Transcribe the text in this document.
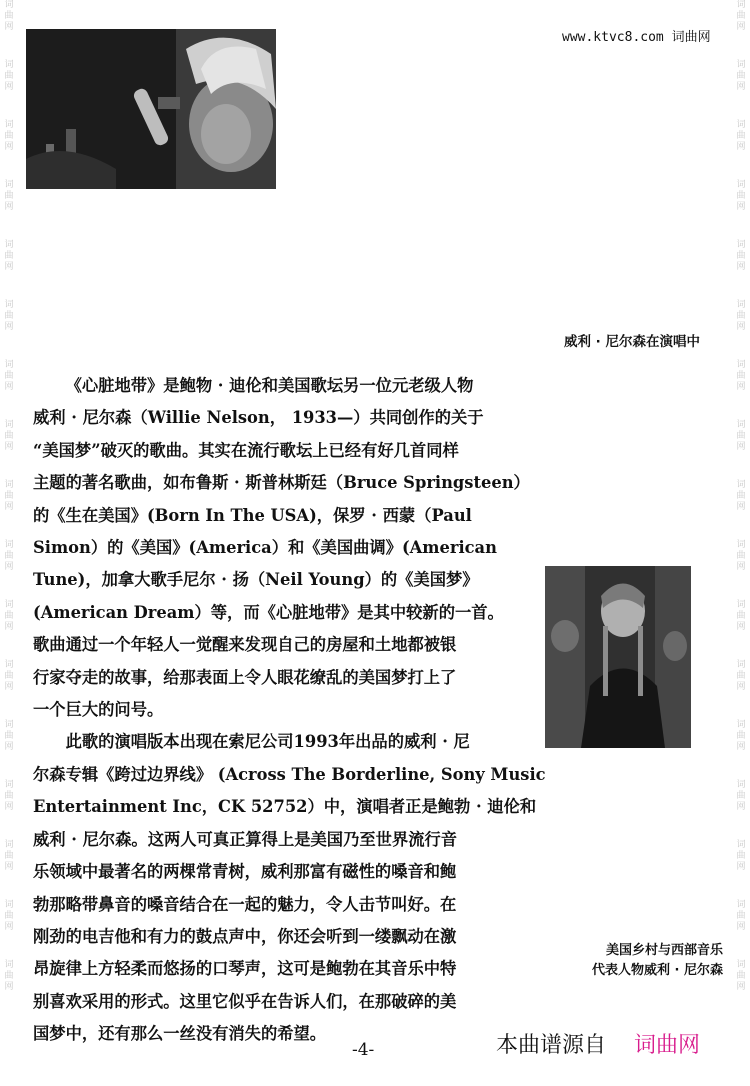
词
曲
网
词
曲
网
词
曲
网
词
曲
网
词
曲
网
词
曲
网
词
曲
网
词
曲
网
词
曲
网
词
曲
网
词
曲
网
词
曲
网
词
曲
网
词
曲
网
词
曲
网
词
曲
网
词
曲
网
词
曲
网
词
曲
网
词
曲
网
词
曲
网
词
曲
网
词
曲
网
词
曲
网
词
曲
网
词
曲
网
词
曲
网
词
曲
网
词
曲
网
词
曲
网
词
曲
网
词
曲
网
词
曲
网
词
曲
网
www.ktvc8.com 词曲网
威利 · 尼尔森在演唱中
《心脏地带》是鲍物 · 迪伦和美国歌坛另一位元老级人物
威利 · 尼尔森（Willie Nelson， 1933—）共同创作的关于
“美国梦”破灭的歌曲。其实在流行歌坛上已经有好几首同样
主题的著名歌曲，如布鲁斯 · 斯普林斯廷（Bruce Springsteen）
的《生在美国》(Born In The USA)，保罗 · 西蒙（Paul
Simon）的《美国》(America）和《美国曲调》(American
Tune)，加拿大歌手尼尔 · 扬（Neil Young）的《美国梦》
(American Dream）等，而《心脏地带》是其中较新的一首。
歌曲通过一个年轻人一觉醒来发现自己的房屋和土地都被银
行家夺走的故事，给那表面上令人眼花缭乱的美国梦打上了
一个巨大的问号。
此歌的演唱版本出现在索尼公司1993年出品的威利 · 尼
尔森专辑《跨过边界线》 (Across The Borderline, Sony Music
Entertainment Inc，CK 52752）中，演唱者正是鲍勃 · 迪伦和
威利 · 尼尔森。这两人可真正算得上是美国乃至世界流行音
乐领域中最著名的两棵常青树，威利那富有磁性的嗓音和鲍
勃那略带鼻音的嗓音结合在一起的魅力，令人击节叫好。在
刚劲的电吉他和有力的鼓点声中，你还会听到一缕飘动在激
昂旋律上方轻柔而悠扬的口琴声，这可是鲍勃在其音乐中特
别喜欢采用的形式。这里它似乎在告诉人们，在那破碎的美
国梦中，还有那么一丝没有消失的希望。
美国乡村与西部音乐
代表人物威利 · 尼尔森
-4-	本曲谱源自 词曲网
